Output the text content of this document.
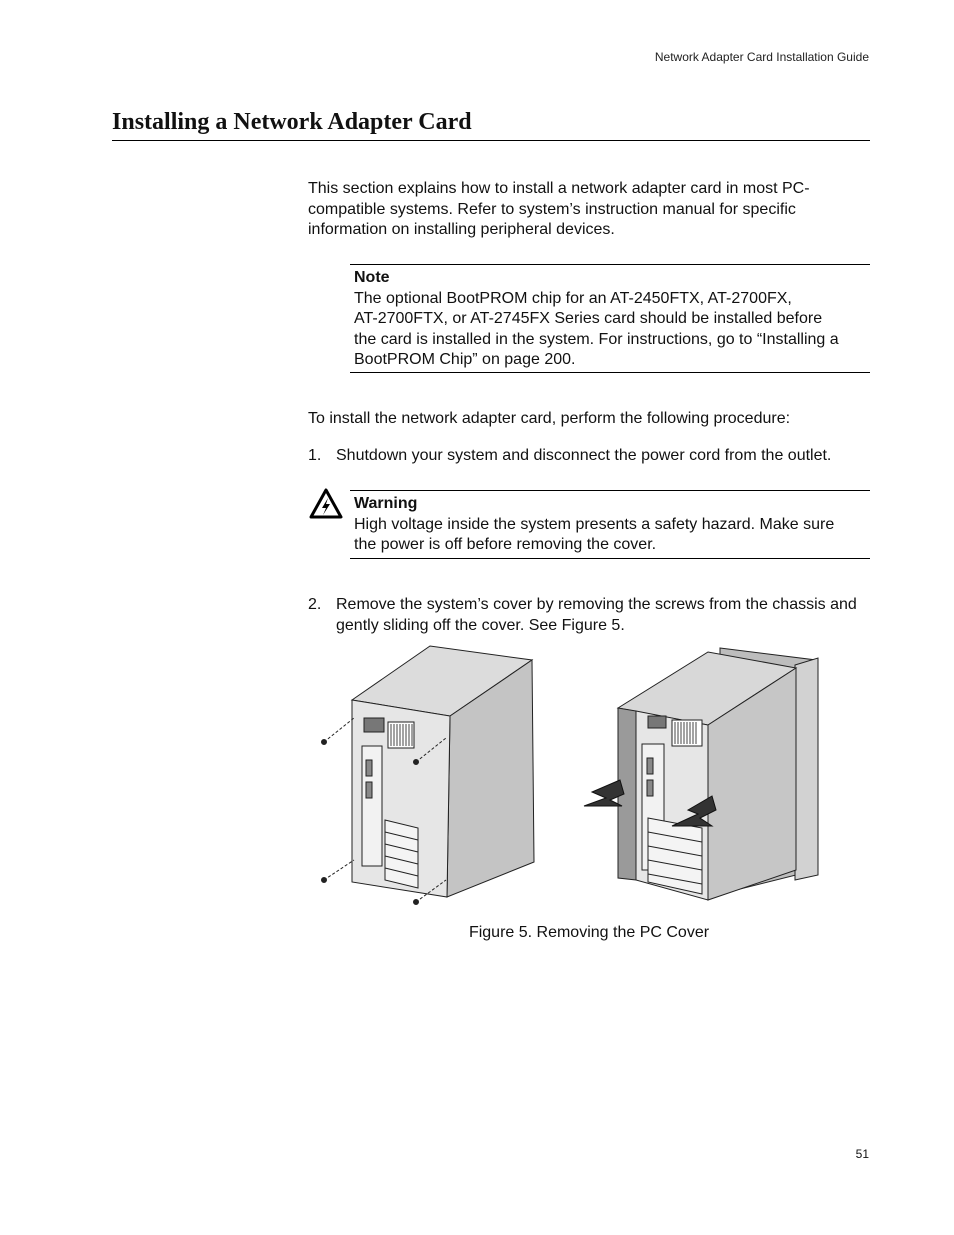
Network Adapter Card Installation Guide
Installing a Network Adapter Card

This section explains how to install a network adapter card in most PC-compatible systems. Refer to system’s instruction manual for specific information on installing peripheral devices.

Note
The optional BootPROM chip for an AT-2450FTX, AT-2700FX,
AT-2700FTX, or AT-2745FX Series card should be installed before
the card is installed in the system. For instructions, go to “Installing a
BootPROM Chip” on page 200.

To install the network adapter card, perform the following procedure:

1. Shutdown your system and disconnect the power cord from the outlet.
Warning
High voltage inside the system presents a safety hazard. Make sure
the power is off before removing the cover.
2. Remove the system’s cover by removing the screws from the chassis and gently sliding off the cover. See Figure 5.
Figure 5. Removing the PC Cover
51
